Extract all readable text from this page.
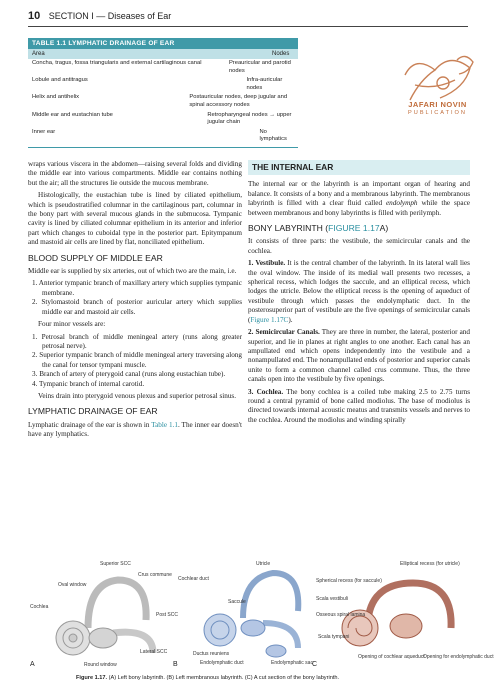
10 SECTION I — Diseases of Ear
TABLE 1.1 LYMPHATIC DRAINAGE OF EAR
Area	Nodes
Concha, tragus, fossa triangularis and external cartilaginous canal	Preauricular and parotid nodes
Lobule and antitragus	Infra-auricular nodes
Helix and antihelix	Postauricular nodes, deep jugular and spinal accessory nodes
Middle ear and eustachian tube	Retropharyngeal nodes → upper jugular chain
Inner ear	No lymphatics
JAFARI NOVIN
PUBLICATION

wraps various viscera in the abdomen—raising several folds and dividing the middle ear into various compartments. Middle ear contains nothing but the air; all the structures lie outside the mucous membrane.

Histologically, the eustachian tube is lined by ciliated epithelium, which is pseudostratified columnar in the cartilaginous part, columnar in the bony part with several mucous glands in the submucosa. Tympanic cavity is lined by ciliated columnar epithelium in its anterior and inferior part which changes to cuboidal type in the posterior part. Epitympanum and mastoid air cells are lined by flat, nonciliated epithelium.

BLOOD SUPPLY OF MIDDLE EAR

Middle ear is supplied by six arteries, out of which two are the main, i.e.

1. Anterior tympanic branch of maxillary artery which supplies tympanic membrane.
2. Stylomastoid branch of posterior auricular artery which supplies middle ear and mastoid air cells.

Four minor vessels are:

1. Petrosal branch of middle meningeal artery (runs along greater petrosal nerve).
2. Superior tympanic branch of middle meningeal artery traversing along the canal for tensor tympani muscle.
3. Branch of artery of pterygoid canal (runs along eustachian tube).
4. Tympanic branch of internal carotid.

Veins drain into pterygoid venous plexus and superior petrosal sinus.

LYMPHATIC DRAINAGE OF EAR

Lymphatic drainage of the ear is shown in Table 1.1. The inner ear doesn't have any lymphatics.

THE INTERNAL EAR

The internal ear or the labyrinth is an important organ of hearing and balance. It consists of a bony and a membranous labyrinth. The membranous labyrinth is filled with a clear fluid called endolymph while the space between membranous and bony labyrinths is filled with perilymph.

BONY LABYRINTH (FIGURE 1.17A)

It consists of three parts: the vestibule, the semicircular canals and the cochlea.

1. Vestibule. It is the central chamber of the labyrinth. In its lateral wall lies the oval window. The inside of its medial wall presents two recesses, a spherical recess, which lodges the saccule, and an elliptical recess, which lodges the utricle. Below the elliptical recess is the opening of aqueduct of vestibule through which passes the endolymphatic duct. In the posterosuperior part of vestibule are the five openings of semicircular canals (Figure 1.17C).

2. Semicircular Canals. They are three in number, the lateral, posterior and superior, and lie in planes at right angles to one another. Each canal has an ampullated end which opens independently into the vestibule and a nonampullated end. The nonampullated ends of posterior and superior canals unite to form a common channel called crus commune. Thus, the three canals open into the vestibule by five openings.

3. Cochlea. The bony cochlea is a coiled tube making 2.5 to 2.75 turns round a central pyramid of bone called modiolus. The base of modiolus is directed towards internal acoustic meatus and transmits vessels and nerves to the cochlea. Around the modiolus and winding spirally

Superior SCC
Crus commune
Oval window
Cochlea
Post SCC
Lateral SCC
Round window
A
Cochlear duct
Utricle
Saccule
Ductus reuniens
Endolymphatic duct	Endolymphatic sac
B
Elliptical recess (for utricle)
Spherical recess (for saccule)
Scala vestibuli
Osseous spiral lamina
Scala tympani
Opening of cochlear aqueduct
Opening for endolymphatic duct
C
Figure 1.17. (A) Left bony labyrinth. (B) Left membranous labyrinth. (C) A cut section of the bony labyrinth.
